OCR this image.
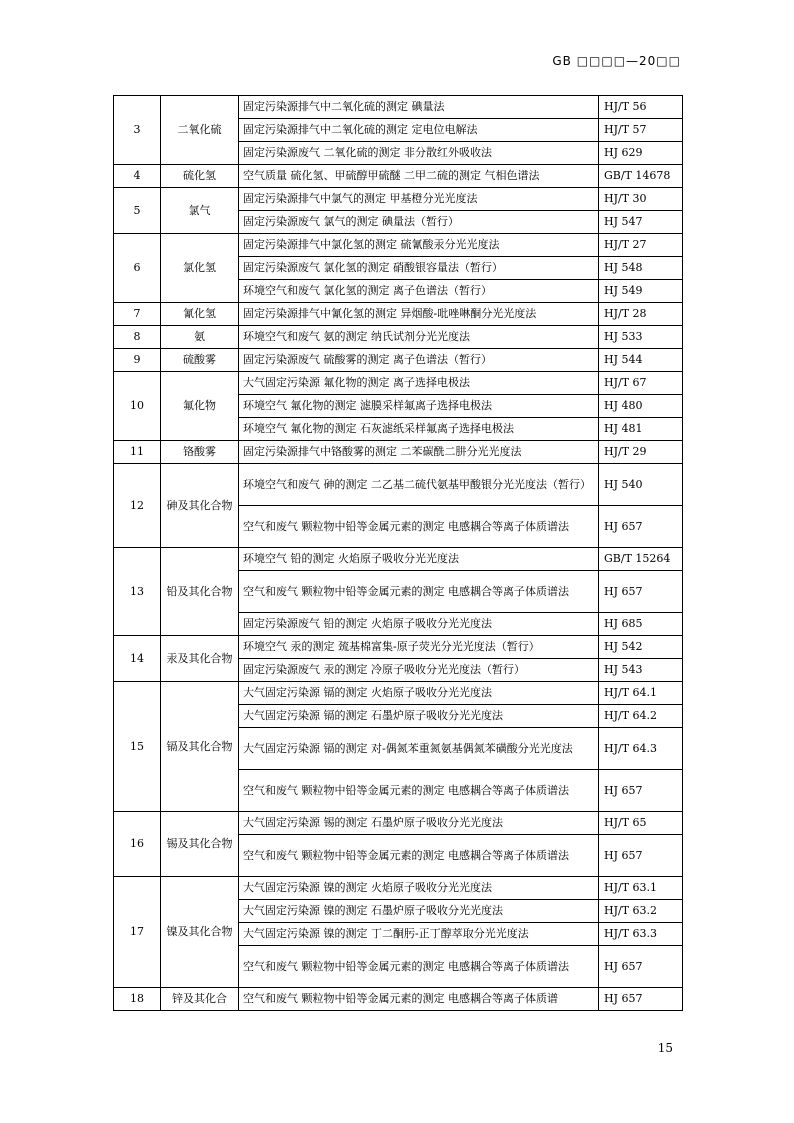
GB □□□□—20□□
3	二氧化硫	固定污染源排气中二氧化硫的测定 碘量法	HJ/T 56
		固定污染源排气中二氧化硫的测定 定电位电解法	HJ/T 57
		固定污染源废气 二氧化硫的测定 非分散红外吸收法	HJ 629
4	硫化氢	空气质量 硫化氢、甲硫醇甲硫醚 二甲二硫的测定 气相色谱法	GB/T 14678
5	氯气	固定污染源排气中氯气的测定 甲基橙分光光度法	HJ/T 30
		固定污染源废气 氯气的测定 碘量法（暂行）	HJ 547
6	氯化氢	固定污染源排气中氯化氢的测定 硫氰酸汞分光光度法	HJ/T 27
		固定污染源废气 氯化氢的测定 硝酸银容量法（暂行）	HJ 548
		环境空气和废气 氯化氢的测定 离子色谱法（暂行）	HJ 549
7	氰化氢	固定污染源排气中氰化氢的测定 异烟酸-吡唑啉酮分光光度法	HJ/T 28
8	氨	环境空气和废气 氨的测定 纳氏试剂分光光度法	HJ 533
9	硫酸雾	固定污染源废气 硫酸雾的测定 离子色谱法（暂行）	HJ 544
10	氟化物	大气固定污染源 氟化物的测定 离子选择电极法	HJ/T 67
		环境空气 氟化物的测定 滤膜采样氟离子选择电极法	HJ 480
		环境空气 氟化物的测定 石灰滤纸采样氟离子选择电极法	HJ 481
11	铬酸雾	固定污染源排气中铬酸雾的测定 二苯碳酰二肼分光光度法	HJ/T 29
12	砷及其化合物	环境空气和废气 砷的测定 二乙基二硫代氨基甲酸银分光光度法（暂行）	HJ 540
		空气和废气 颗粒物中铅等金属元素的测定 电感耦合等离子体质谱法	HJ 657
13	铅及其化合物	环境空气 铅的测定 火焰原子吸收分光光度法	GB/T 15264
		空气和废气 颗粒物中铅等金属元素的测定 电感耦合等离子体质谱法	HJ 657
		固定污染源废气 铅的测定 火焰原子吸收分光光度法	HJ 685
14	汞及其化合物	环境空气 汞的测定 巯基棉富集-原子荧光分光光度法（暂行）	HJ 542
		固定污染源废气 汞的测定 冷原子吸收分光光度法（暂行）	HJ 543
15	镉及其化合物	大气固定污染源 镉的测定 火焰原子吸收分光光度法	HJ/T 64.1
		大气固定污染源 镉的测定 石墨炉原子吸收分光光度法	HJ/T 64.2
		大气固定污染源 镉的测定 对-偶氮苯重氮氨基偶氮苯磺酸分光光度法	HJ/T 64.3
		空气和废气 颗粒物中铅等金属元素的测定 电感耦合等离子体质谱法	HJ 657
16	锡及其化合物	大气固定污染源 锡的测定 石墨炉原子吸收分光光度法	HJ/T 65
		空气和废气 颗粒物中铅等金属元素的测定 电感耦合等离子体质谱法	HJ 657
17	镍及其化合物	大气固定污染源 镍的测定 火焰原子吸收分光光度法	HJ/T 63.1
		大气固定污染源 镍的测定 石墨炉原子吸收分光光度法	HJ/T 63.2
		大气固定污染源 镍的测定 丁二酮肟-正丁醇萃取分光光度法	HJ/T 63.3
		空气和废气 颗粒物中铅等金属元素的测定 电感耦合等离子体质谱法	HJ 657
18	锌及其化合	空气和废气 颗粒物中铅等金属元素的测定 电感耦合等离子体质谱	HJ 657
15
